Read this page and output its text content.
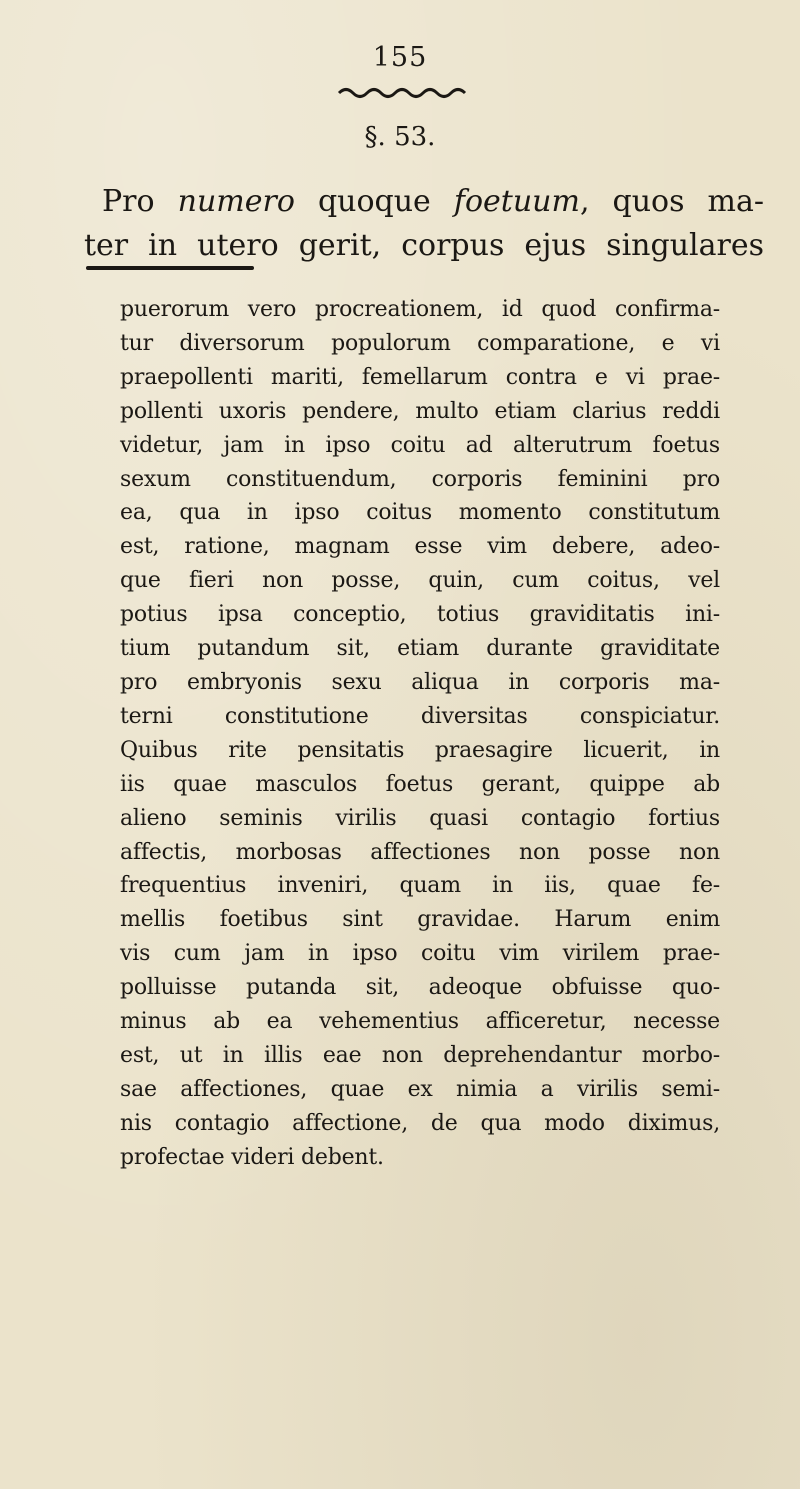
155
§. 53.
Pro numero quoque foetuum, quos ma-
ter in utero gerit, corpus ejus singulares
puerorum vero procreationem, id quod confirma-
tur diversorum populorum comparatione, e vi
praepollenti mariti, femellarum contra e vi prae-
pollenti uxoris pendere, multo etiam clarius reddi
videtur, jam in ipso coitu ad alterutrum foetus
sexum constituendum, corporis feminini pro
ea, qua in ipso coitus momento constitutum
est, ratione, magnam esse vim debere, adeo-
que fieri non posse, quin, cum coitus, vel
potius ipsa conceptio, totius graviditatis ini-
tium putandum sit, etiam durante graviditate
pro embryonis sexu aliqua in corporis ma-
terni constitutione diversitas conspiciatur.
Quibus rite pensitatis praesagire licuerit, in
iis quae masculos foetus gerant, quippe ab
alieno seminis virilis quasi contagio fortius
affectis, morbosas affectiones non posse non
frequentius inveniri, quam in iis, quae fe-
mellis foetibus sint gravidae. Harum enim
vis cum jam in ipso coitu vim virilem prae-
polluisse putanda sit, adeoque obfuisse quo-
minus ab ea vehementius afficeretur, necesse
est, ut in illis eae non deprehendantur morbo-
sae affectiones, quae ex nimia a virilis semi-
nis contagio affectione, de qua modo diximus,
profectae videri debent.
